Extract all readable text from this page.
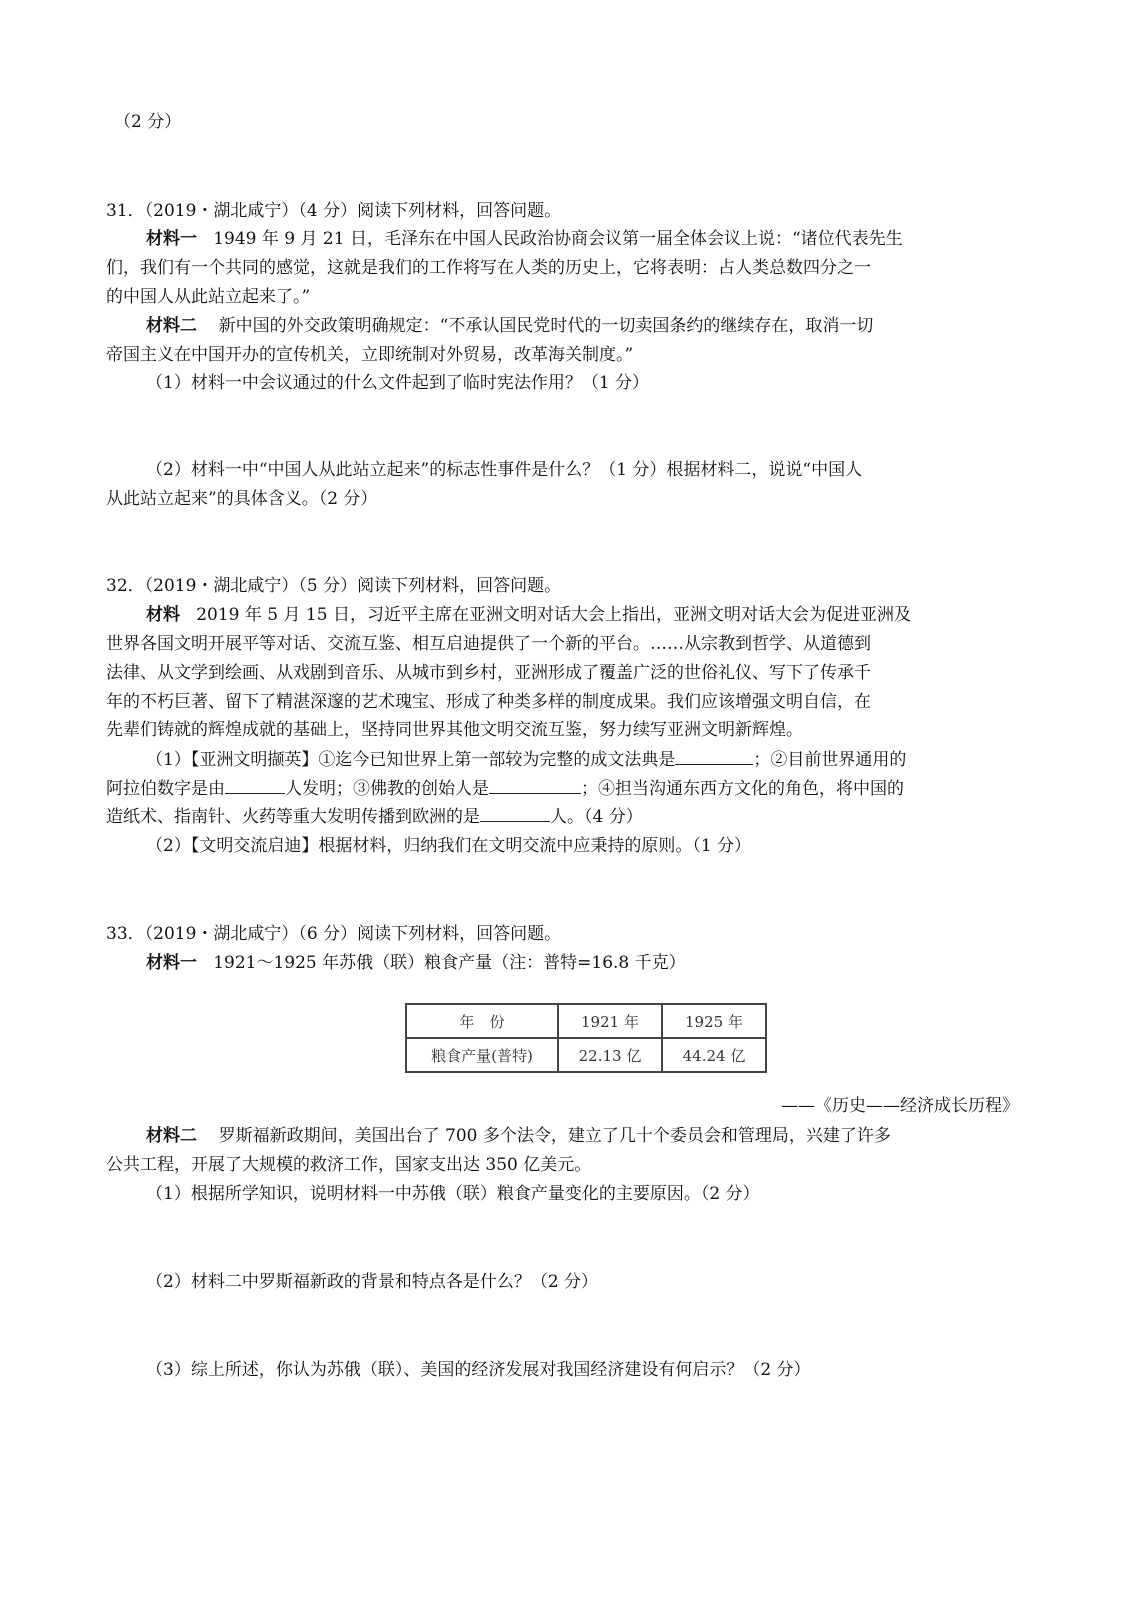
（2 分）
31．（2019・湖北咸宁）（4 分）阅读下列材料，回答问题。
材料一 1949 年 9 月 21 日，毛泽东在中国人民政治协商会议第一届全体会议上说：“诸位代表先生
们，我们有一个共同的感觉，这就是我们的工作将写在人类的历史上，它将表明：占人类总数四分之一
的中国人从此站立起来了。”
材料二 新中国的外交政策明确规定：“不承认国民党时代的一切卖国条约的继续存在，取消一切
帝国主义在中国开办的宣传机关，立即统制对外贸易，改革海关制度。”
（1）材料一中会议通过的什么文件起到了临时宪法作用？（1 分）
（2）材料一中“中国人从此站立起来”的标志性事件是什么？（1 分）根据材料二，说说“中国人
从此站立起来”的具体含义。（2 分）
32．（2019・湖北咸宁）（5 分）阅读下列材料，回答问题。
材料 2019 年 5 月 15 日，习近平主席在亚洲文明对话大会上指出，亚洲文明对话大会为促进亚洲及
世界各国文明开展平等对话、交流互鉴、相互启迪提供了一个新的平台。……从宗教到哲学、从道德到
法律、从文学到绘画、从戏剧到音乐、从城市到乡村，亚洲形成了覆盖广泛的世俗礼仪、写下了传承千
年的不朽巨著、留下了精湛深邃的艺术瑰宝、形成了种类多样的制度成果。我们应该增强文明自信，在
先辈们铸就的辉煌成就的基础上，坚持同世界其他文明交流互鉴，努力续写亚洲文明新辉煌。
（1）【亚洲文明撷英】①迄今已知世界上第一部较为完整的成文法典是	；②目前世界通用的
阿拉伯数字是由	人发明；③佛教的创始人是	；④担当沟通东西方文化的角色，将中国的
造纸术、指南针、火药等重大发明传播到欧洲的是	人。（4 分）
（2）【文明交流启迪】根据材料，归纳我们在文明交流中应秉持的原则。（1 分）
33．（2019・湖北咸宁）（6 分）阅读下列材料，回答问题。
材料一 1921～1925 年苏俄（联）粮食产量（注：普特=16.8 千克）
年　份	1921 年	1925 年
粮食产量(普特)	22.13 亿	44.24 亿
——《历史——经济成长历程》
材料二 罗斯福新政期间，美国出台了 700 多个法令，建立了几十个委员会和管理局，兴建了许多
公共工程，开展了大规模的救济工作，国家支出达 350 亿美元。
（1）根据所学知识，说明材料一中苏俄（联）粮食产量变化的主要原因。（2 分）
（2）材料二中罗斯福新政的背景和特点各是什么？（2 分）
（3）综上所述，你认为苏俄（联）、美国的经济发展对我国经济建设有何启示？（2 分）
